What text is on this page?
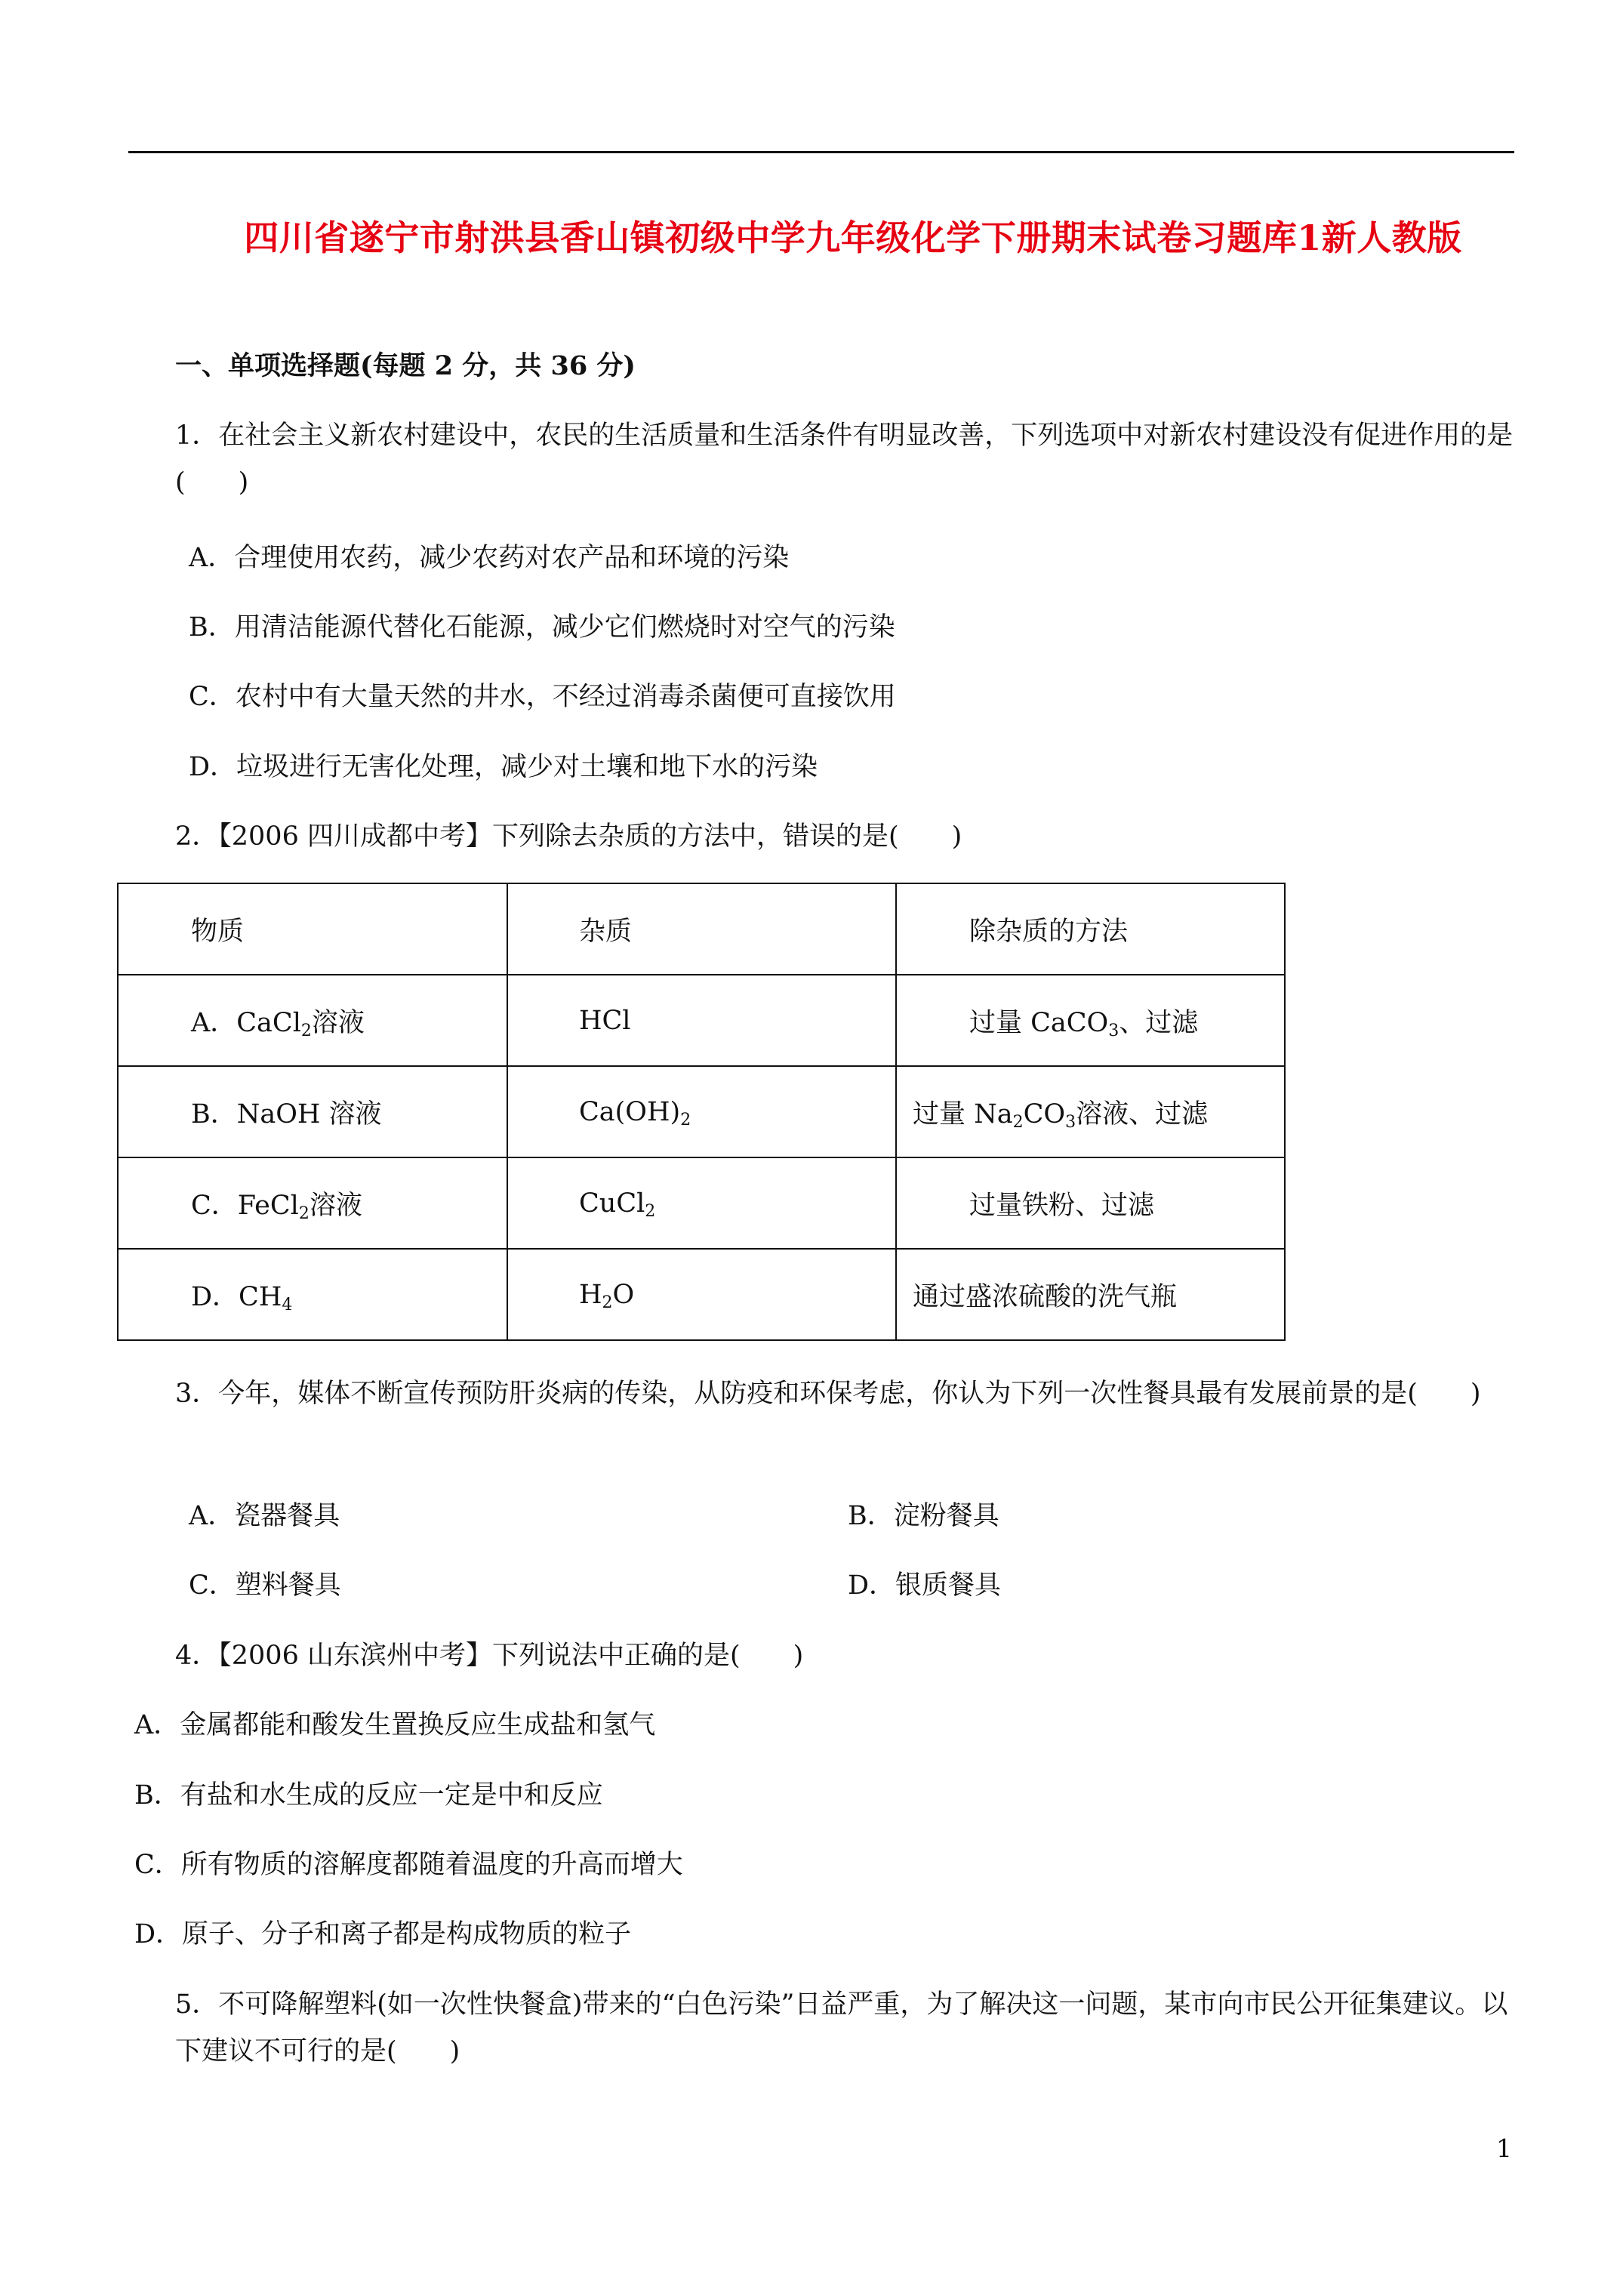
四川省遂宁市射洪县香山镇初级中学九年级化学下册期末试卷习题库1新人教版
一、单项选择题(每题 2 分，共 36 分)
1．在社会主义新农村建设中，农民的生活质量和生活条件有明显改善，下列选项中对新农村建设没有促进作用的是(　　)
A．合理使用农药，减少农药对农产品和环境的污染
B．用清洁能源代替化石能源，减少它们燃烧时对空气的污染
C．农村中有大量天然的井水，不经过消毒杀菌便可直接饮用
D．垃圾进行无害化处理，减少对土壤和地下水的污染
2．【2006 四川成都中考】下列除去杂质的方法中，错误的是(　　)
物质	杂质	除杂质的方法
A．CaCl$_2$溶液	HCl	过量 CaCO$_3$、过滤
B．NaOH 溶液	$Ca(OH)_2$	过量 $Na_2CO_3$溶液、过滤
C．FeCl$_2$溶液	CuCl$_2$	过量铁粉、过滤
D．$CH_4$	$H_2O$	通过盛浓硫酸的洗气瓶
3．今年，媒体不断宣传预防肝炎病的传染，从防疫和环保考虑，你认为下列一次性餐具最有发展前景的是(　　)
A．瓷器餐具	B．淀粉餐具
C．塑料餐具	D．银质餐具
4．【2006 山东滨州中考】下列说法中正确的是(　　)
A．金属都能和酸发生置换反应生成盐和氢气
B．有盐和水生成的反应一定是中和反应
C．所有物质的溶解度都随着温度的升高而增大
D．原子、分子和离子都是构成物质的粒子
5．不可降解塑料(如一次性快餐盒)带来的“白色污染”日益严重，为了解决这一问题，某市向市民公开征集建议。以下建议不可行的是(　　)
1
